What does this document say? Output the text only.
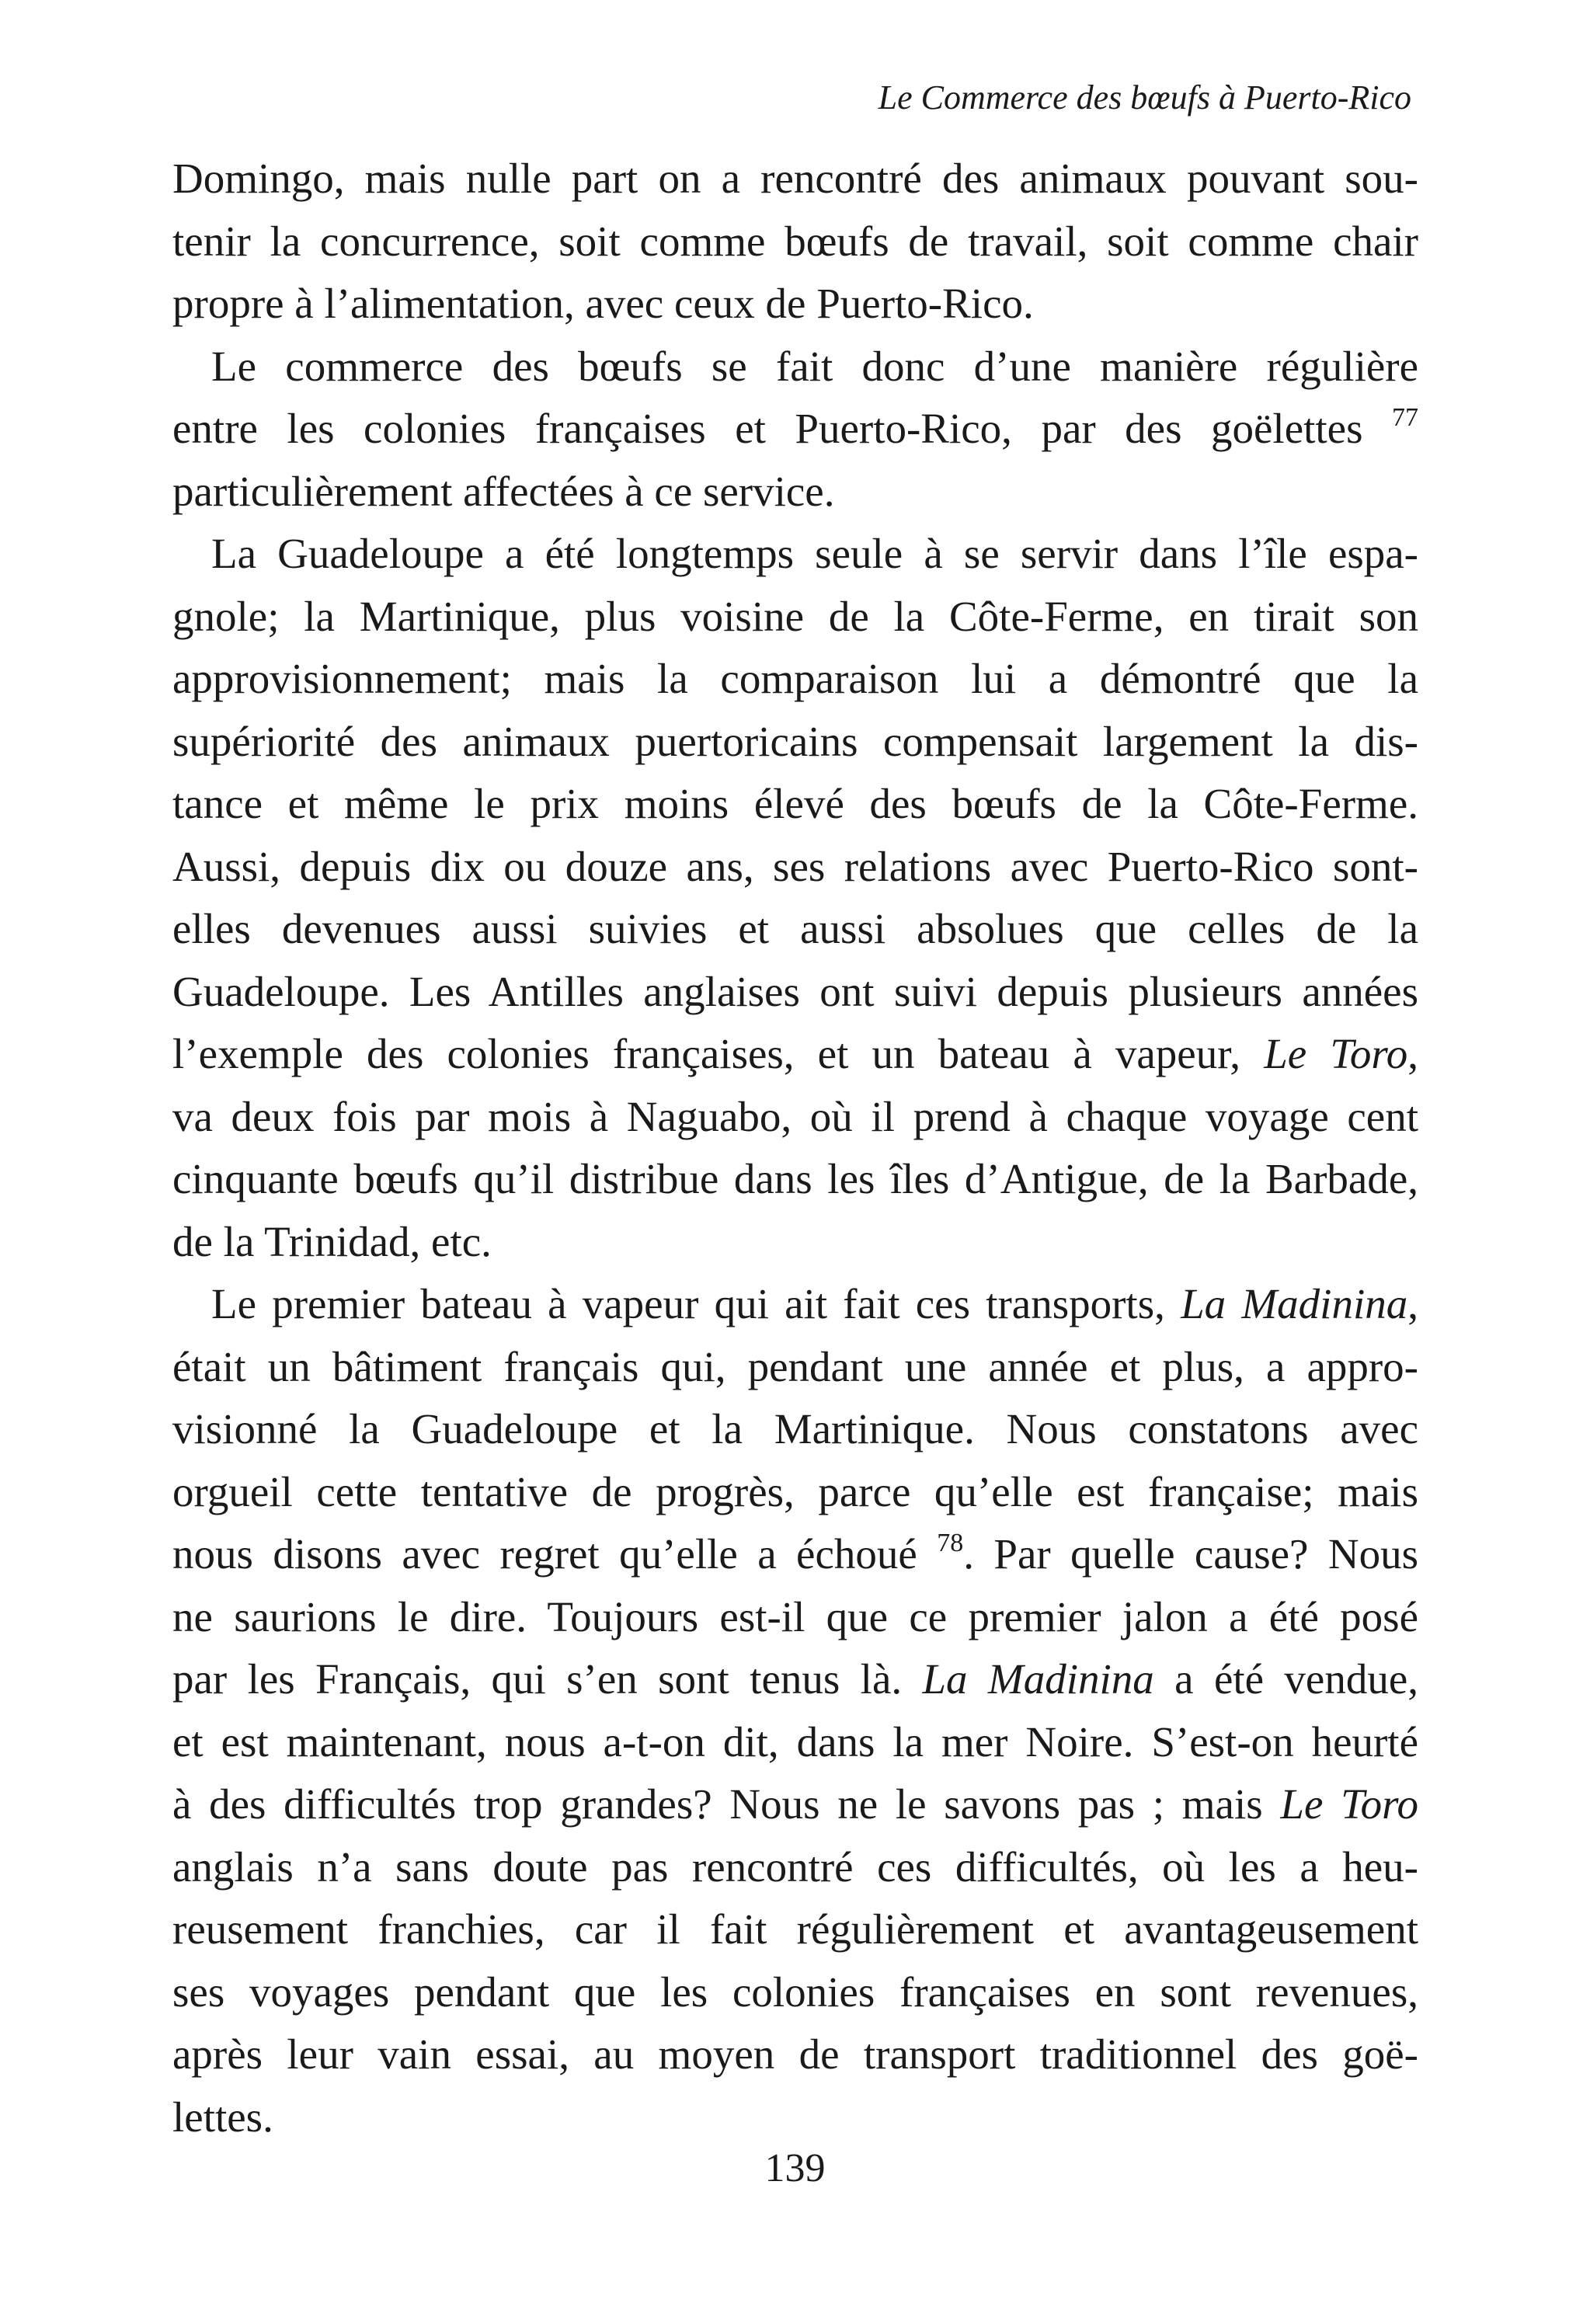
Le Commerce des bœufs à Puerto-Rico
Domingo, mais nulle part on a rencontré des animaux pouvant sou-
tenir la concurrence, soit comme bœufs de travail, soit comme chair
propre à l’alimentation, avec ceux de Puerto-Rico.
Le commerce des bœufs se fait donc d’une manière régulière
entre les colonies françaises et Puerto-Rico, par des goëlettes $^{77}$
particulièrement affectées à ce service.
La Guadeloupe a été longtemps seule à se servir dans l’île espa-
gnole; la Martinique, plus voisine de la Côte-Ferme, en tirait son
approvisionnement; mais la comparaison lui a démontré que la
supériorité des animaux puertoricains compensait largement la dis-
tance et même le prix moins élevé des bœufs de la Côte-Ferme.
Aussi, depuis dix ou douze ans, ses relations avec Puerto-Rico sont-
elles devenues aussi suivies et aussi absolues que celles de la
Guadeloupe. Les Antilles anglaises ont suivi depuis plusieurs années
l’exemple des colonies françaises, et un bateau à vapeur, Le Toro,
va deux fois par mois à Naguabo, où il prend à chaque voyage cent
cinquante bœufs qu’il distribue dans les îles d’Antigue, de la Barbade,
de la Trinidad, etc.
Le premier bateau à vapeur qui ait fait ces transports, La Madinina,
était un bâtiment français qui, pendant une année et plus, a appro-
visionné la Guadeloupe et la Martinique. Nous constatons avec
orgueil cette tentative de progrès, parce qu’elle est française; mais
nous disons avec regret qu’elle a échoué $^{78}$. Par quelle cause? Nous
ne saurions le dire. Toujours est-il que ce premier jalon a été posé
par les Français, qui s’en sont tenus là. La Madinina a été vendue,
et est maintenant, nous a-t-on dit, dans la mer Noire. S’est-on heurté
à des difficultés trop grandes? Nous ne le savons pas ; mais Le Toro
anglais n’a sans doute pas rencontré ces difficultés, où les a heu-
reusement franchies, car il fait régulièrement et avantageusement
ses voyages pendant que les colonies françaises en sont revenues,
après leur vain essai, au moyen de transport traditionnel des goë-
lettes.
139
